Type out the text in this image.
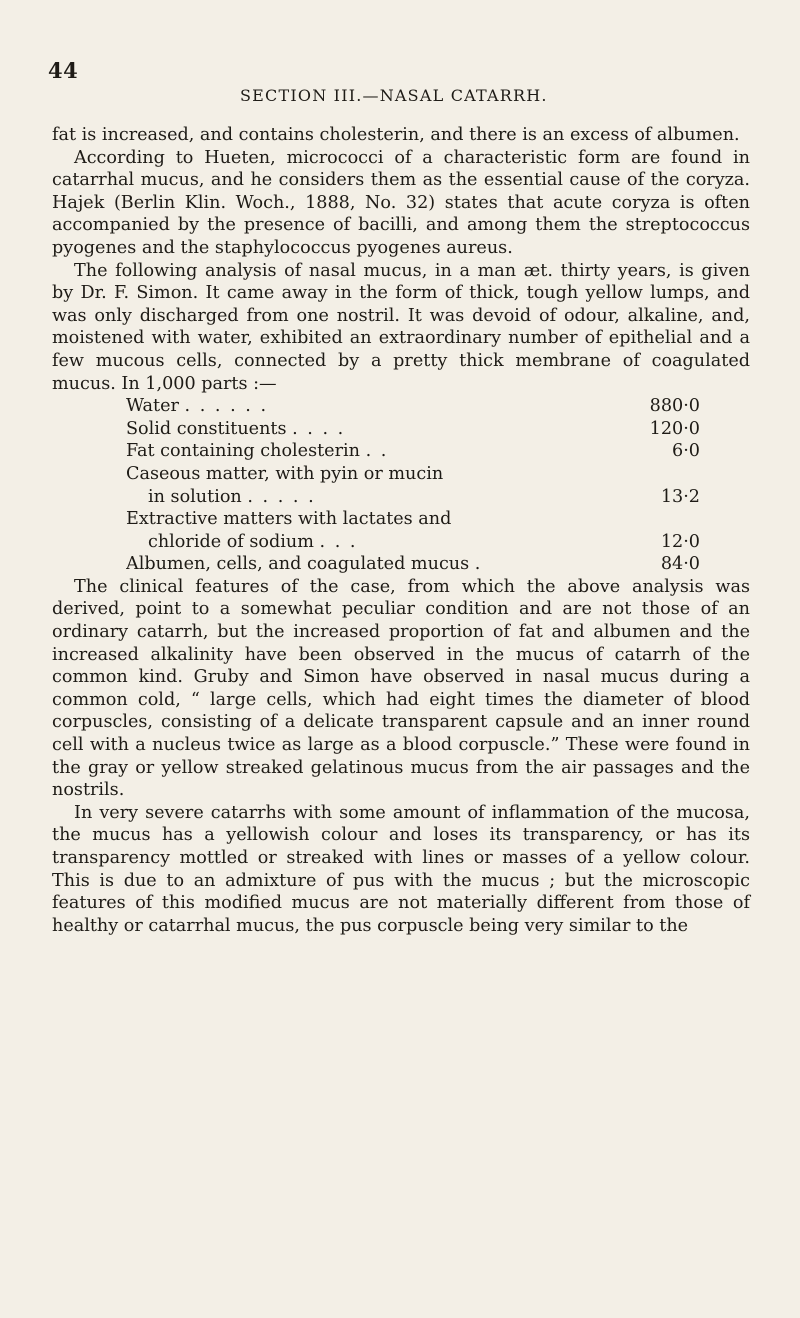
44
SECTION III.—NASAL CATARRH.

fat is increased, and contains cholesterin, and there is an excess of albumen.

According to Hueten, micrococci of a characteristic form are found in catarrhal mucus, and he considers them as the essential cause of the coryza. Hajek (Berlin Klin. Woch., 1888, No. 32) states that acute coryza is often accompanied by the presence of bacilli, and among them the streptococcus pyogenes and the staphylococcus pyogenes aureus.

The following analysis of nasal mucus, in a man æt. thirty years, is given by Dr. F. Simon. It came away in the form of thick, tough yellow lumps, and was only discharged from one nostril. It was devoid of odour, alkaline, and, moistened with water, exhibited an extraordinary number of epithelial and a few mucous cells, connected by a pretty thick membrane of coagulated mucus. In 1,000 parts :—

Water . . . . . .	880·0
Solid constituents . . . .	120·0
Fat containing cholesterin . .	6·0
Caseous matter, with pyin or mucin
in solution . . . . .	13·2
Extractive matters with lactates and
chloride of sodium . . .	12·0
Albumen, cells, and coagulated mucus .	84·0

The clinical features of the case, from which the above analysis was derived, point to a somewhat peculiar condition and are not those of an ordinary catarrh, but the increased proportion of fat and albumen and the increased alkalinity have been observed in the mucus of catarrh of the common kind. Gruby and Simon have observed in nasal mucus during a common cold, “ large cells, which had eight times the diameter of blood corpuscles, consisting of a delicate transparent capsule and an inner round cell with a nucleus twice as large as a blood corpuscle.” These were found in the gray or yellow streaked gelatinous mucus from the air passages and the nostrils.

In very severe catarrhs with some amount of inflammation of the mucosa, the mucus has a yellowish colour and loses its transparency, or has its transparency mottled or streaked with lines or masses of a yellow colour. This is due to an admixture of pus with the mucus ; but the microscopic features of this modified mucus are not materially different from those of healthy or catarrhal mucus, the pus corpuscle being very similar to the
